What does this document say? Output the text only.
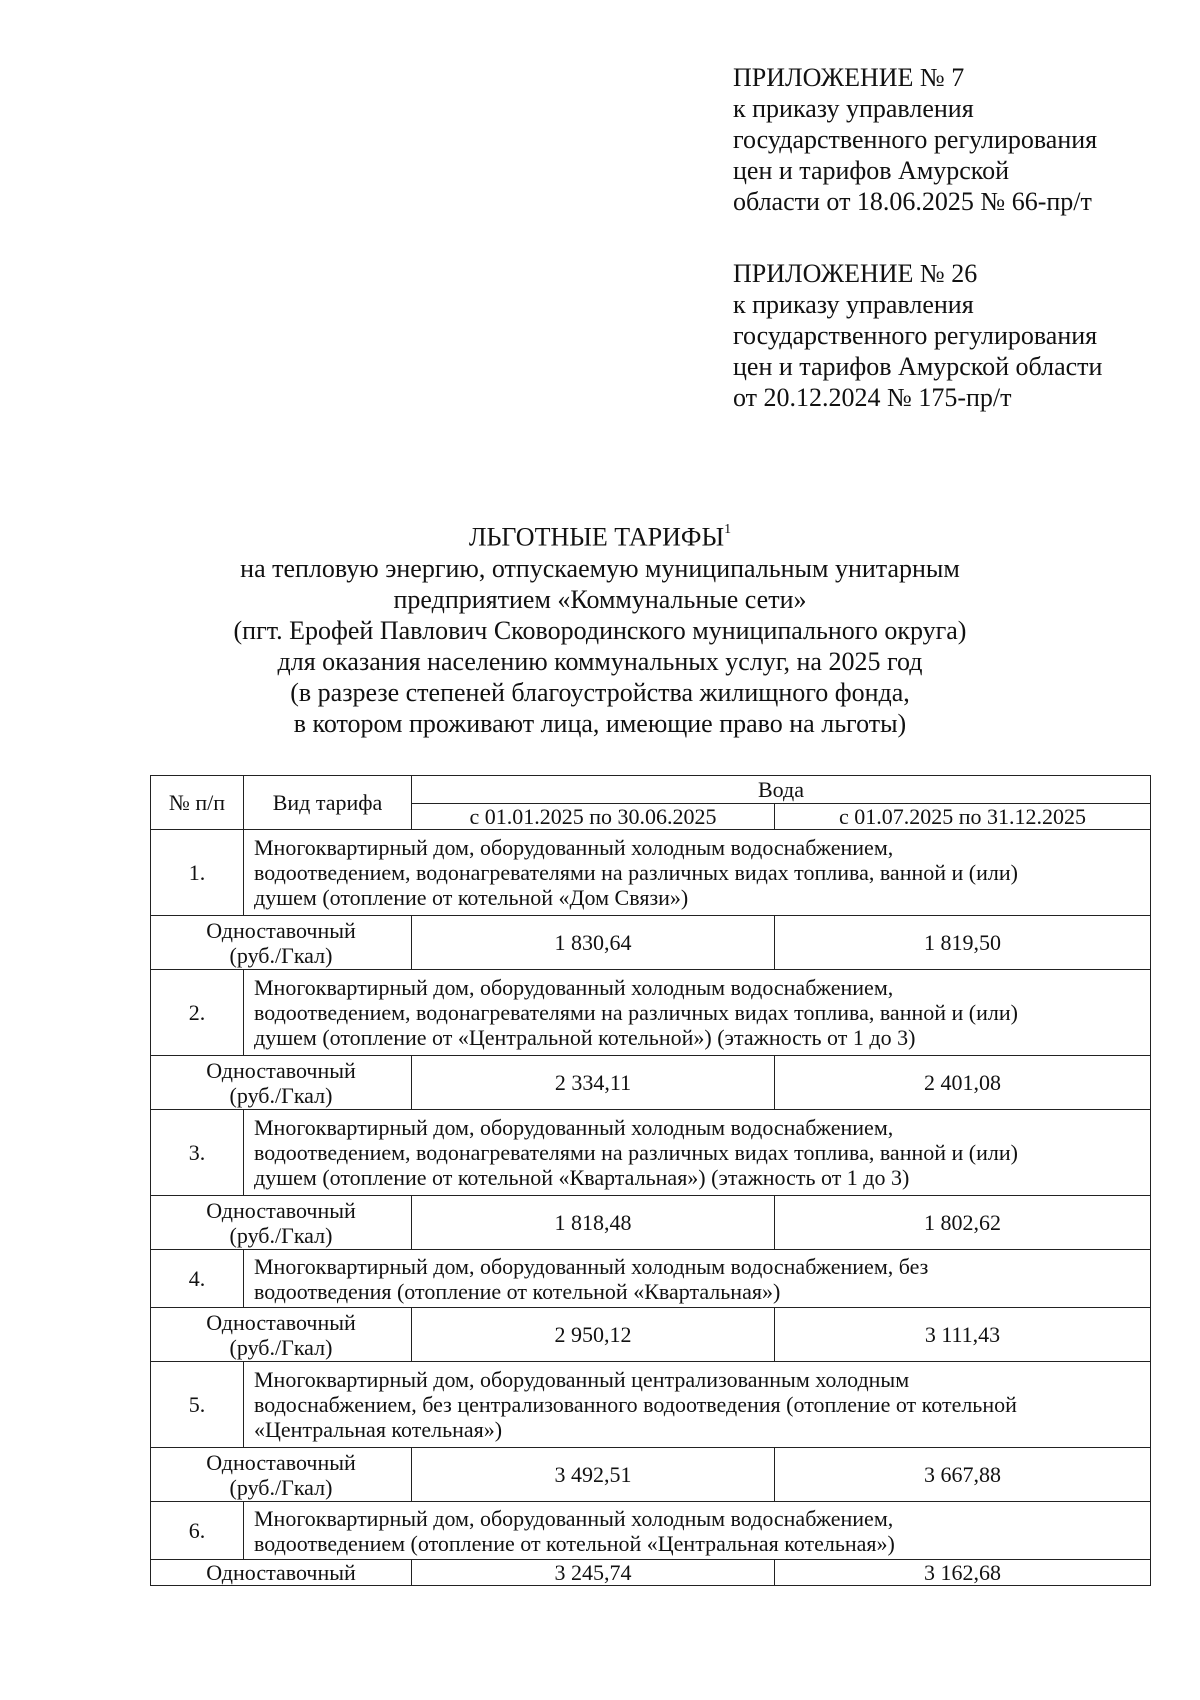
ПРИЛОЖЕНИЕ № 7
к приказу управления
государственного регулирования
цен и тарифов Амурской
области от 18.06.2025 № 66-пр/т
ПРИЛОЖЕНИЕ № 26
к приказу управления
государственного регулирования
цен и тарифов Амурской области
от 20.12.2024 № 175-пр/т
ЛЬГОТНЫЕ ТАРИФЫ$^1$
на тепловую энергию, отпускаемую муниципальным унитарным
предприятием «Коммунальные сети»
(пгт. Ерофей Павлович Сковородинского муниципального округа)
для оказания населению коммунальных услуг, на 2025 год
(в разрезе степеней благоустройства жилищного фонда,
в котором проживают лица, имеющие право на льготы)
№ п/п	Вид тарифа	Вода	
		с 01.01.2025 по 30.06.2025	с 01.07.2025 по 31.12.2025
1.	Многоквартирный дом, оборудованный холодным водоснабжением,
водоотведением, водонагревателями на различных видах топлива, ванной и (или)
душем (отопление от котельной «Дом Связи»)		

Одноставочный
(руб./Гкал)		1 830,64	1 819,50
2.	Многоквартирный дом, оборудованный холодным водоснабжением,
водоотведением, водонагревателями на различных видах топлива, ванной и (или)
душем (отопление от «Центральной котельной») (этажность от 1 до 3)		

Одноставочный
(руб./Гкал)		2 334,11	2 401,08
3.	Многоквартирный дом, оборудованный холодным водоснабжением,
водоотведением, водонагревателями на различных видах топлива, ванной и (или)
душем (отопление от котельной «Квартальная») (этажность от 1 до 3)		

Одноставочный
(руб./Гкал)		1 818,48	1 802,62
4.	Многоквартирный дом, оборудованный холодным водоснабжением, без
водоотведения (отопление от котельной «Квартальная»)		

Одноставочный
(руб./Гкал)		2 950,12	3 111,43
5.	Многоквартирный дом, оборудованный централизованным холодным
водоснабжением, без централизованного водоотведения (отопление от котельной
«Центральная котельная»)		

Одноставочный
(руб./Гкал)		3 492,51	3 667,88
6.	Многоквартирный дом, оборудованный холодным водоснабжением,
водоотведением (отопление от котельной «Центральная котельная»)		

Одноставочный		3 245,74	3 162,68
